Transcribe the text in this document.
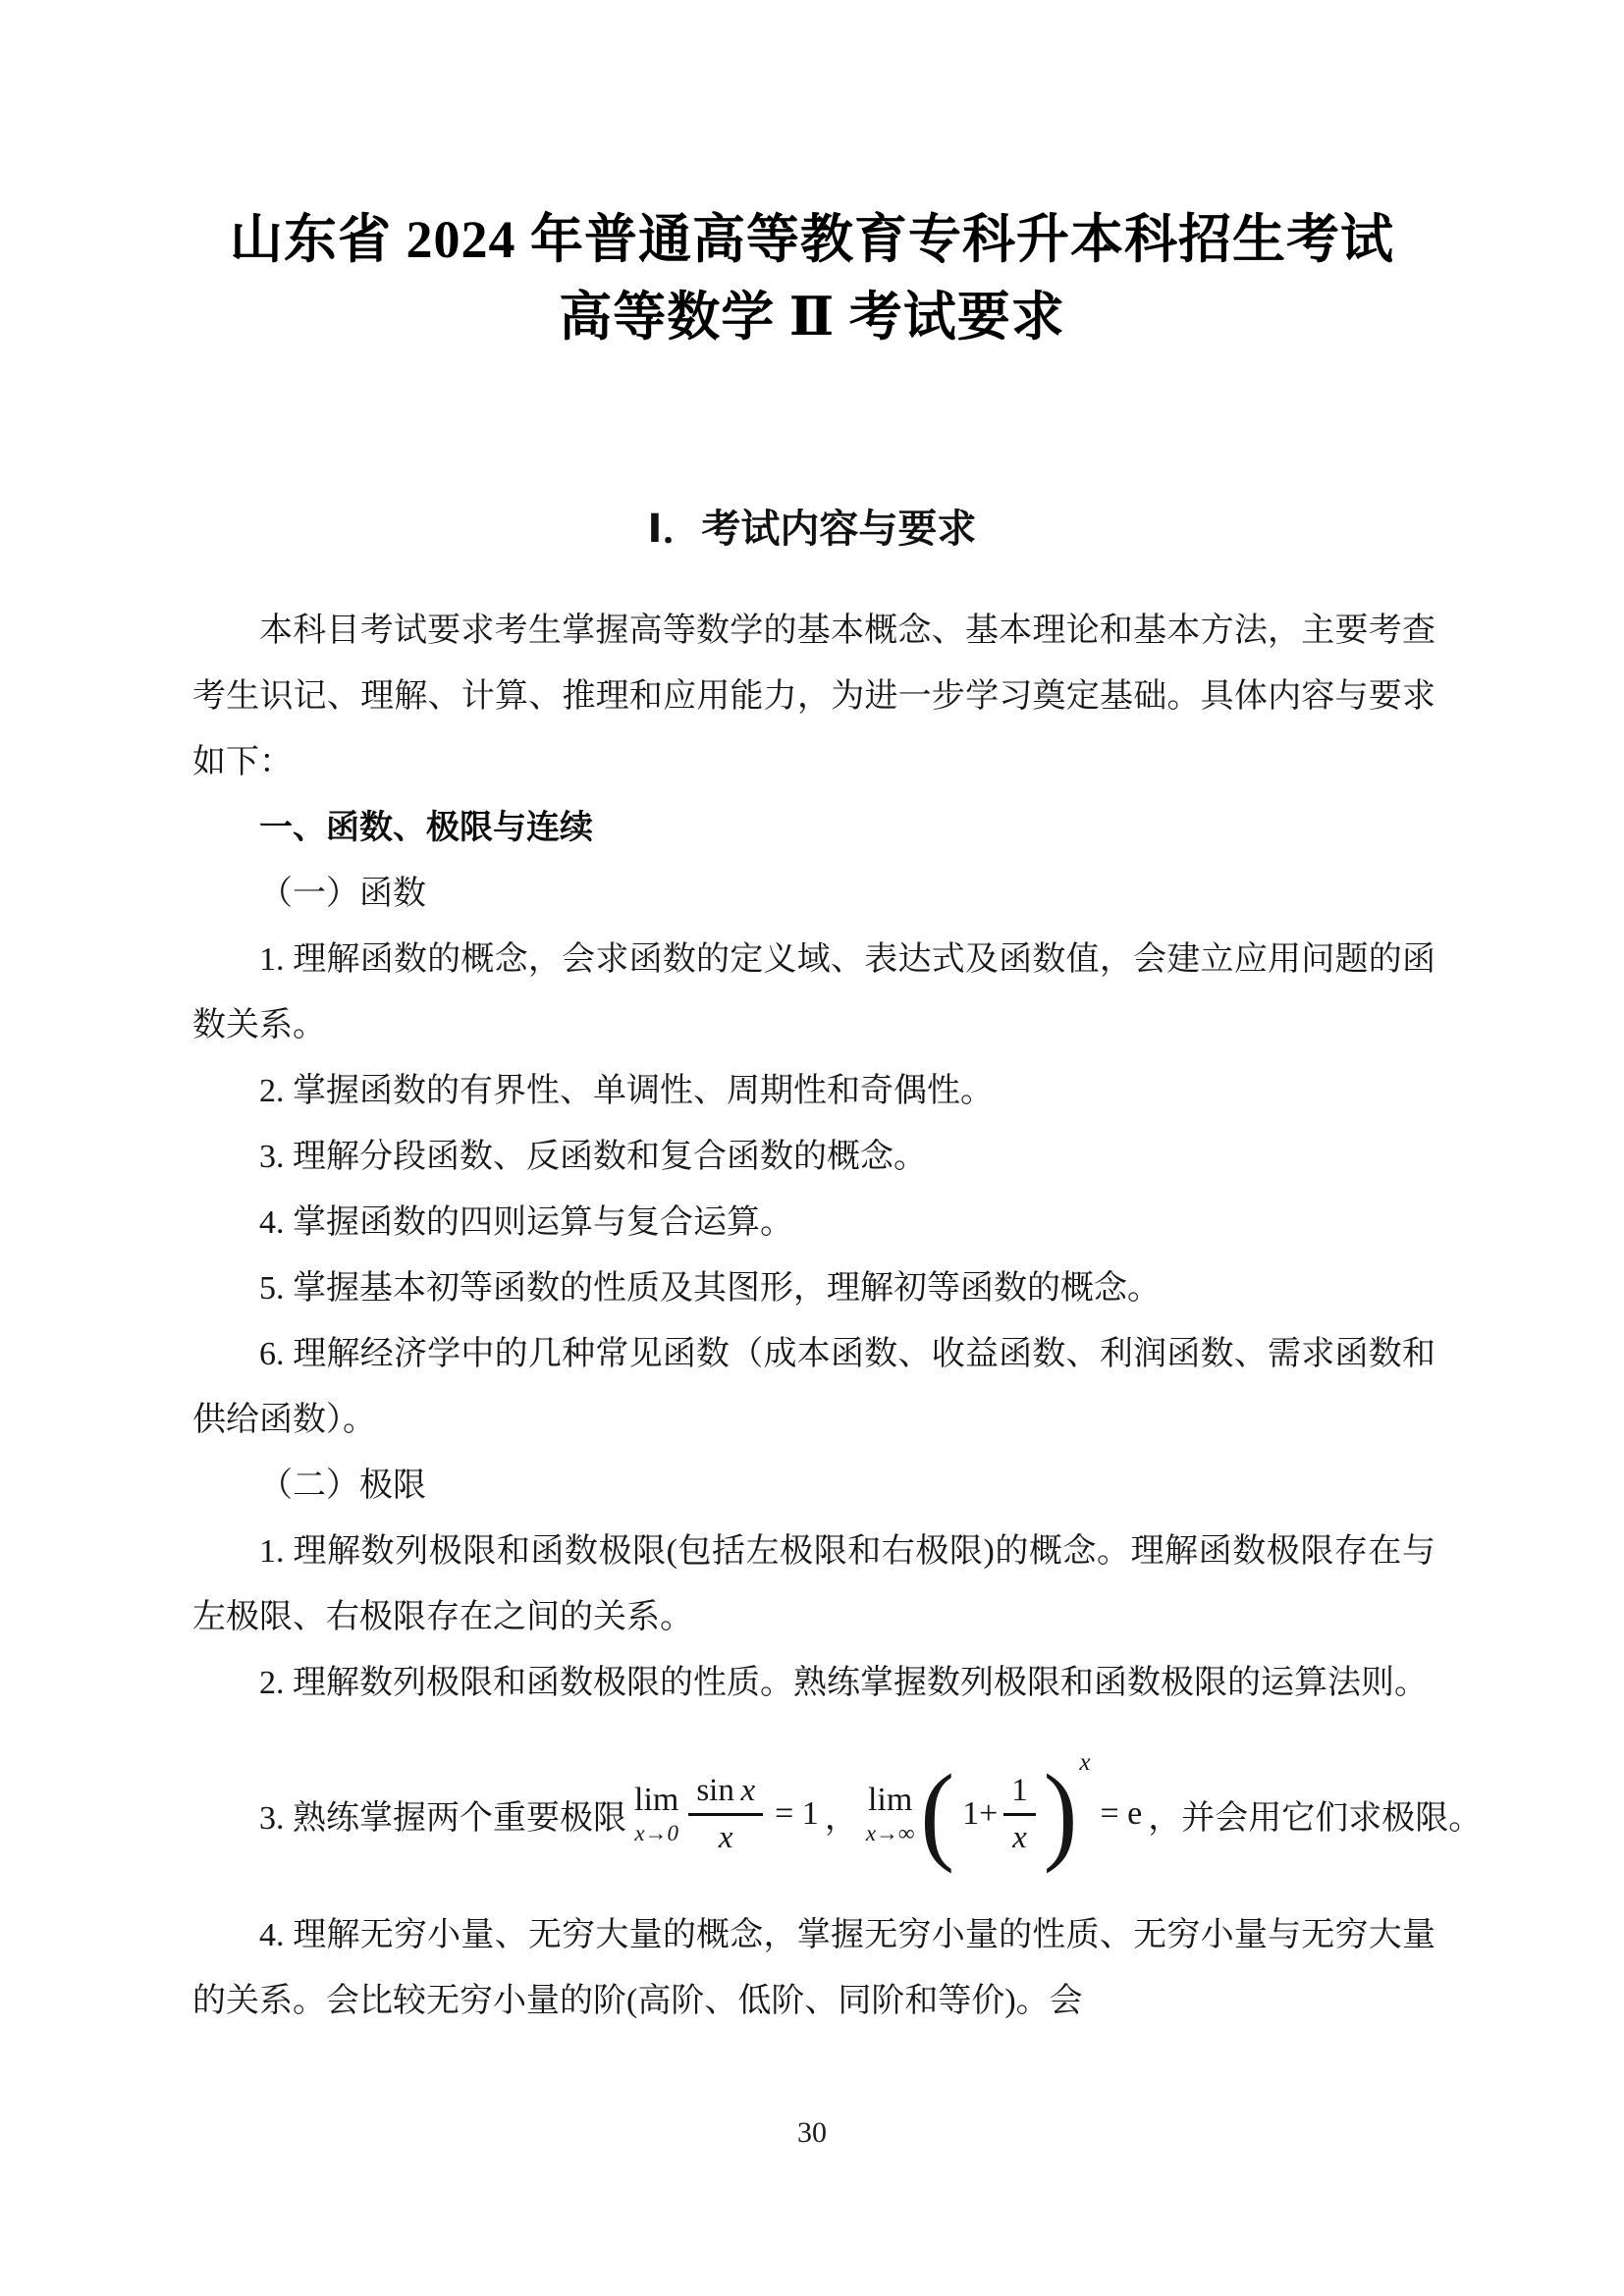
山东省 2024 年普通高等教育专科升本科招生考试
高等数学 Ⅱ 考试要求
Ⅰ．考试内容与要求

本科目考试要求考生掌握高等数学的基本概念、基本理论和基本方法，主要考查考生识记、理解、计算、推理和应用能力，为进一步学习奠定基础。具体内容与要求如下：

一、函数、极限与连续

（一）函数

1. 理解函数的概念，会求函数的定义域、表达式及函数值，会建立应用问题的函数关系。

2. 掌握函数的有界性、单调性、周期性和奇偶性。

3. 理解分段函数、反函数和复合函数的概念。

4. 掌握函数的四则运算与复合运算。

5. 掌握基本初等函数的性质及其图形，理解初等函数的概念。

6. 理解经济学中的几种常见函数（成本函数、收益函数、利润函数、需求函数和供给函数）。

（二）极限

1. 理解数列极限和函数极限(包括左极限和右极限)的概念。理解函数极限存在与左极限、右极限存在之间的关系。

2. 理解数列极限和函数极限的性质。熟练掌握数列极限和函数极限的运算法则。

3. 熟练掌握两个重要极限 lim
$x\to 0 \frac{\text{sin  x}}{x} = 1$ ， lim
x→∞ ( $1+ \frac{1}{x}$ ) x
= e ，并会用它们求极限。

4. 理解无穷小量、无穷大量的概念，掌握无穷小量的性质、无穷小量与无穷大量的关系。会比较无穷小量的阶(高阶、低阶、同阶和等价)。会

30
